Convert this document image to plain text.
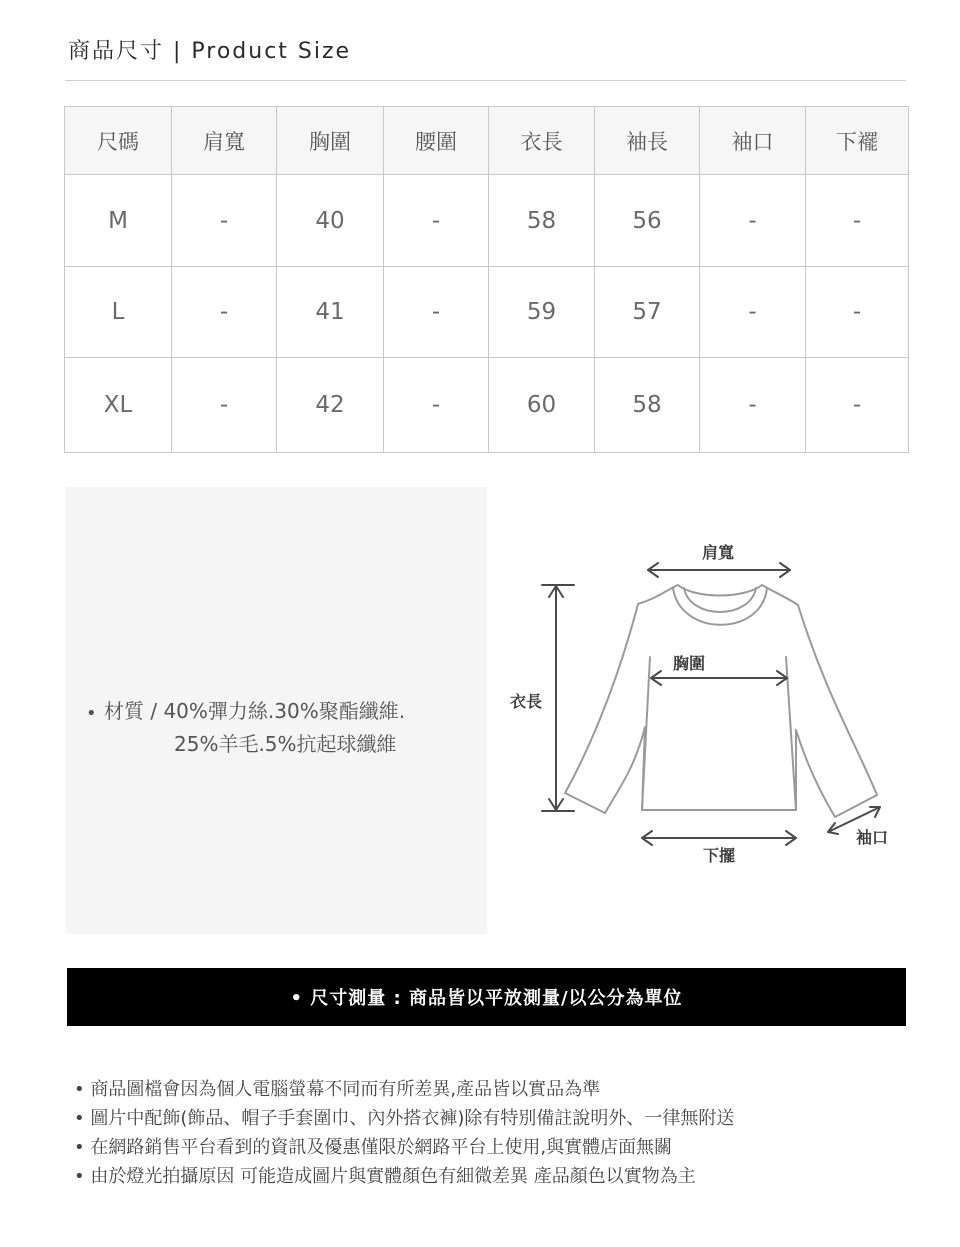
商品尺寸 | Product Size
尺碼	肩寬	胸圍	腰圍	衣長	袖長	袖口	下襬
M	-	40	-	58	56	-	-
L	-	41	-	59	57	-	-
XL	-	42	-	60	58	-	-
• 材質 / 40%彈力絲.30%聚酯纖維.
25%羊毛.5%抗起球纖維
肩寬
胸圍
衣長
下擺
袖口
• 尺寸測量 : 商品皆以平放測量/以公分為單位
• 商品圖檔會因為個人電腦螢幕不同而有所差異,產品皆以實品為準
• 圖片中配飾(飾品、帽子手套圍巾、內外搭衣褲)除有特別備註說明外、一律無附送
• 在網路銷售平台看到的資訊及優惠僅限於網路平台上使用,與實體店面無關
• 由於燈光拍攝原因 可能造成圖片與實體顏色有細微差異 產品顏色以實物為主
